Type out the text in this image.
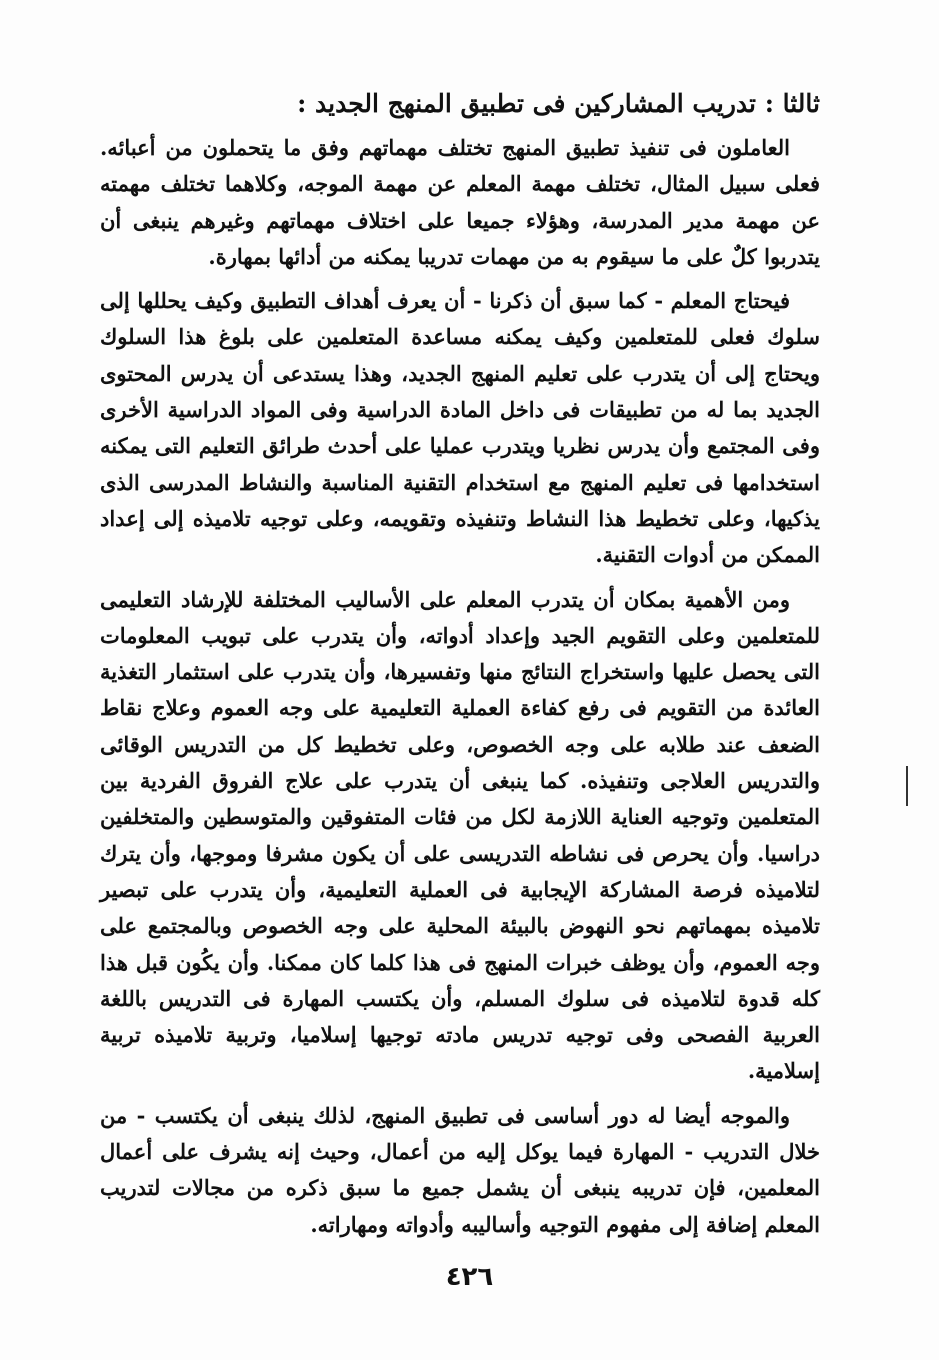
ثالثا : تدريب المشاركين فى تطبيق المنهج الجديد :

العاملون فى تنفيذ تطبيق المنهج تختلف مهماتهم وفق ما يتحملون من أعبائه. فعلى سبيل المثال، تختلف مهمة المعلم عن مهمة الموجه، وكلاهما تختلف مهمته عن مهمة مدير المدرسة، وهؤلاء جميعا على اختلاف مهماتهم وغيرهم ينبغى أن يتدربوا كلٌ على ما سيقوم به من مهمات تدريبا يمكنه من أدائها بمهارة.

فيحتاج المعلم - كما سبق أن ذكرنا - أن يعرف أهداف التطبيق وكيف يحللها إلى سلوك فعلى للمتعلمين وكيف يمكنه مساعدة المتعلمين على بلوغ هذا السلوك ويحتاج إلى أن يتدرب على تعليم المنهج الجديد، وهذا يستدعى أن يدرس المحتوى الجديد بما له من تطبيقات فى داخل المادة الدراسية وفى المواد الدراسية الأخرى وفى المجتمع وأن يدرس نظريا ويتدرب عمليا على أحدث طرائق التعليم التى يمكنه استخدامها فى تعليم المنهج مع استخدام التقنية المناسبة والنشاط المدرسى الذى يذكيها، وعلى تخطيط هذا النشاط وتنفيذه وتقويمه، وعلى توجيه تلاميذه إلى إعداد الممكن من أدوات التقنية.

ومن الأهمية بمكان أن يتدرب المعلم على الأساليب المختلفة للإرشاد التعليمى للمتعلمين وعلى التقويم الجيد وإعداد أدواته، وأن يتدرب على تبويب المعلومات التى يحصل عليها واستخراج النتائج منها وتفسيرها، وأن يتدرب على استثمار التغذية العائدة من التقويم فى رفع كفاءة العملية التعليمية على وجه العموم وعلاج نقاط الضعف عند طلابه على وجه الخصوص، وعلى تخطيط كل من التدريس الوقائى والتدريس العلاجى وتنفيذه. كما ينبغى أن يتدرب على علاج الفروق الفردية بين المتعلمين وتوجيه العناية اللازمة لكل من فئات المتفوقين والمتوسطين والمتخلفين دراسيا. وأن يحرص فى نشاطه التدريسى على أن يكون مشرفا وموجها، وأن يترك لتلاميذه فرصة المشاركة الإيجابية فى العملية التعليمية، وأن يتدرب على تبصير تلاميذه بمهماتهم نحو النهوض بالبيئة المحلية على وجه الخصوص وبالمجتمع على وجه العموم، وأن يوظف خبرات المنهج فى هذا كلما كان ممكنا. وأن يكُون قبل هذا كله قدوة لتلاميذه فى سلوك المسلم، وأن يكتسب المهارة فى التدريس باللغة العربية الفصحى وفى توجيه تدريس مادته توجيها إسلاميا، وتربية تلاميذه تربية إسلامية.

والموجه أيضا له دور أساسى فى تطبيق المنهج، لذلك ينبغى أن يكتسب - من خلال التدريب - المهارة فيما يوكل إليه من أعمال، وحيث إنه يشرف على أعمال المعلمين، فإن تدريبه ينبغى أن يشمل جميع ما سبق ذكره من مجالات لتدريب المعلم إضافة إلى مفهوم التوجيه وأساليبه وأدواته ومهاراته.

٤٢٦
